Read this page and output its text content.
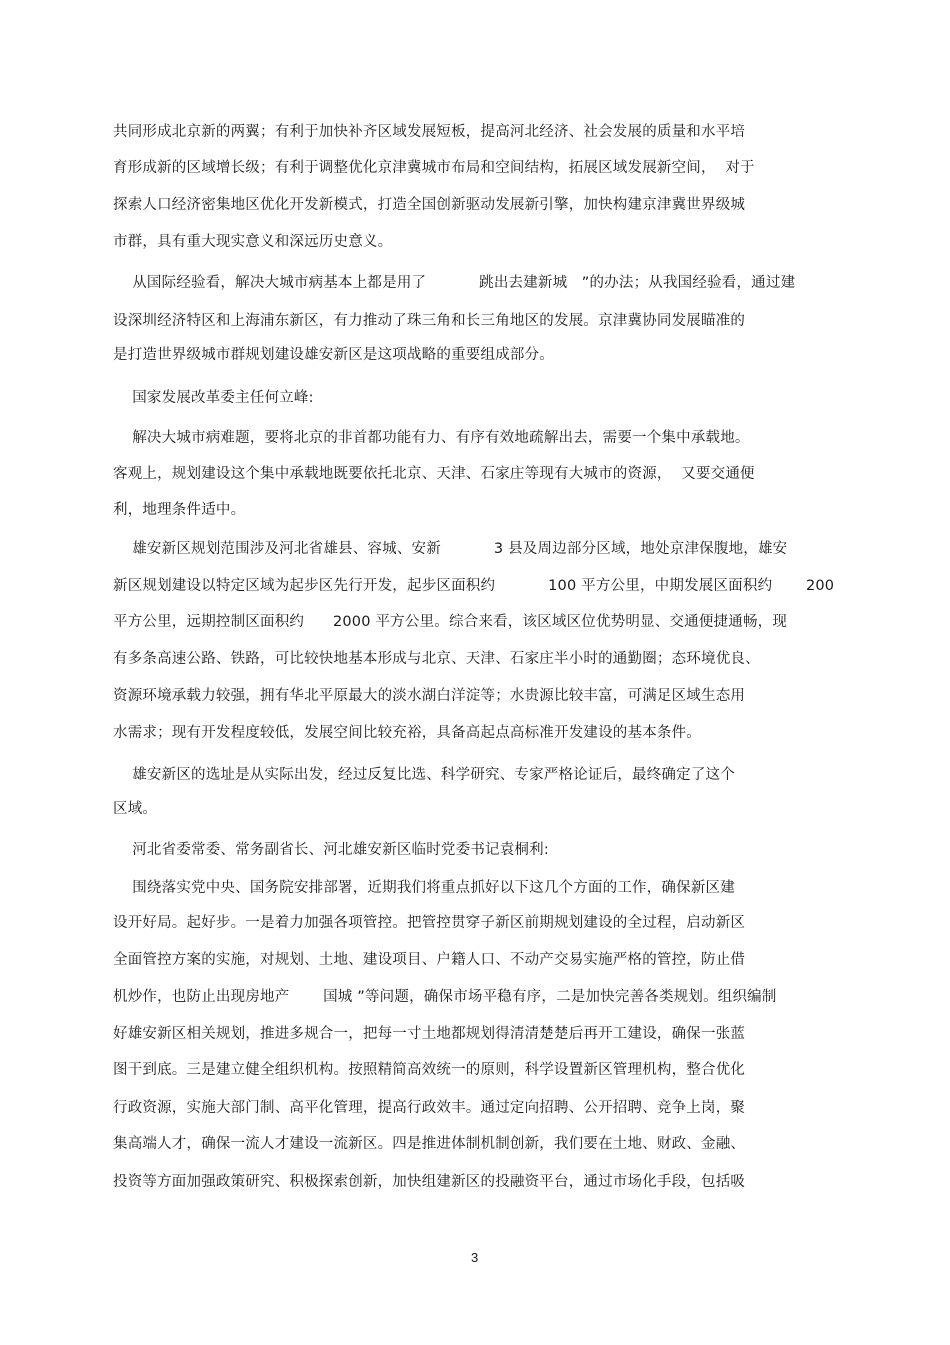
共同形成北京新的两翼；有利于加快补齐区域发展短板，提高河北经济、社会发展的质量和水平培
育形成新的区域增长级；有利于调整优化京津冀城市布局和空间结构，拓展区域发展新空间，  对于
探索人口经济密集地区优化开发新模式，打造全国创新驱动发展新引擎，加快构建京津冀世界级城
市群，具有重大现实意义和深远历史意义。
从国际经验看，解决大城市病基本上都是用了           跳出去建新城   ”的办法；从我国经验看，通过建
设深圳经济特区和上海浦东新区，有力推动了珠三角和长三角地区的发展。京津冀协同发展瞄准的
是打造世界级城市群规划建设雄安新区是这项战略的重要组成部分。
国家发展改革委主任何立峰:
解决大城市病难题，要将北京的非首都功能有力、有序有效地疏解出去，需要一个集中承载地。
客观上，规划建设这个集中承载地既要依托北京、天津、石家庄等现有大城市的资源，  又要交通便
利，地理条件适中。
雄安新区规划范围涉及河北省雄县、容城、安新           3 县及周边部分区域，地处京津保腹地，雄安
新区规划建设以特定区域为起步区先行开发，起步区面积约           100 平方公里，中期发展区面积约       200
平方公里，远期控制区面积约      2000 平方公里。综合来看，该区域区位优势明显、交通便捷通畅，现
有多条高速公路、铁路，可比较快地基本形成与北京、天津、石家庄半小时的通勤圈；态环境优良、
资源环境承载力较强，拥有华北平原最大的淡水湖白洋淀等；水贵源比较丰富，可满足区域生态用
水需求；现有开发程度较低，发展空间比较充裕，具备高起点高标准开发建设的基本条件。
雄安新区的选址是从实际出发，经过反复比选、科学研究、专家严格论证后，最终确定了这个
区域。
河北省委常委、常务副省长、河北雄安新区临时党委书记袁桐利:
围绕落实党中央、国务院安排部署，近期我们将重点抓好以下这几个方面的工作，确保新区建
设开好局。起好步。一是着力加强各项管控。把管控贯穿子新区前期规划建设的全过程，启动新区
全面管控方案的实施，对规划、土地、建设项目、户籍人口、不动产交易实施严格的管控，防止借
机炒作，也防止出现房地产       国城 ”等问题，确保市场平稳有序，二是加快完善各类规划。组织编制
好雄安新区相关规划，推进多规合一，把每一寸土地都规划得清清楚楚后再开工建设，确保一张蓝
图干到底。三是建立健全组织机构。按照精简高效统一的原则，科学设置新区管理机构，整合优化
行政资源，实施大部门制、高平化管理，提高行政效丰。通过定向招聘、公开招聘、竞争上岗，聚
集高端人才，确保一流人才建设一流新区。四是推进体制机制创新，我们要在土地、财政、金融、
投资等方面加强政策研究、积极探索创新，加快组建新区的投融资平台，通过市场化手段，包括吸
3
